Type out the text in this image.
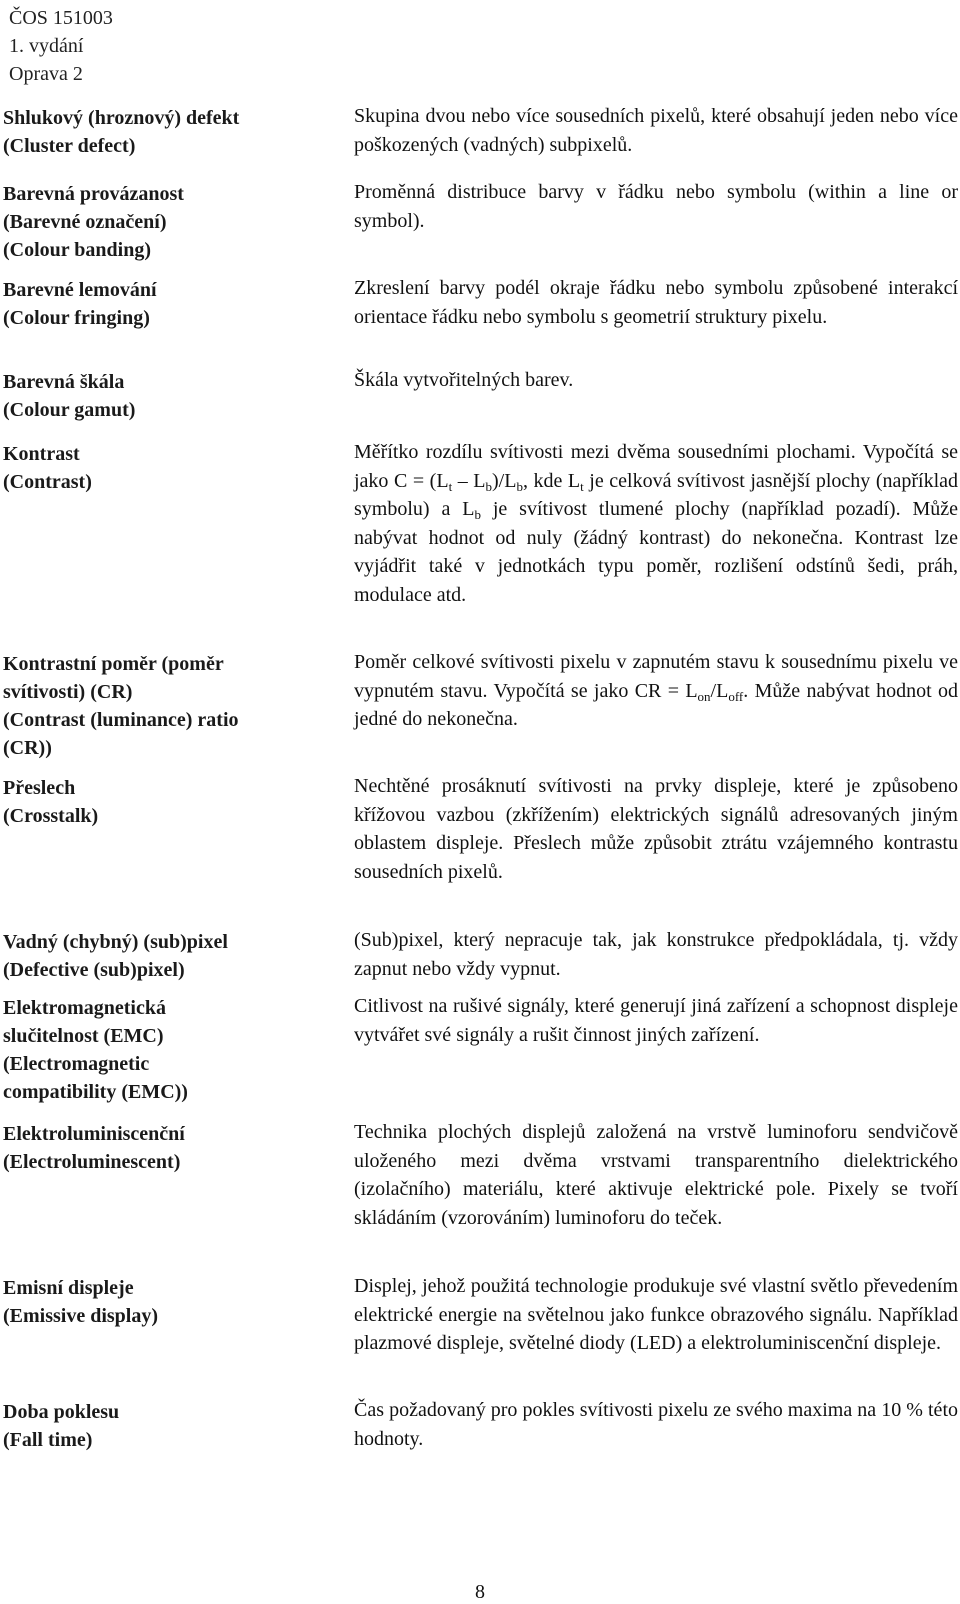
ČOS 151003
1. vydání
Oprava 2
Shlukový (hroznový) defekt
(Cluster defect)
Skupina dvou nebo více sousedních pixelů, které obsahují jeden nebo více poškozených (vadných) subpixelů.
Barevná provázanost
(Barevné označení)
(Colour banding)
Proměnná distribuce barvy v řádku nebo symbolu (within a line or symbol).
Barevné lemování
(Colour fringing)
Zkreslení barvy podél okraje řádku nebo symbolu způsobené interakcí orientace řádku nebo symbolu s geometrií struktury pixelu.
Barevná škála
(Colour gamut)
Škála vytvořitelných barev.
Kontrast
(Contrast)
Měřítko rozdílu svítivosti mezi dvěma sousedními plochami. Vypočítá se jako $C = (L_t - L_b)/L_b$, kde $L_t$ je celková svítivost jasnější plochy (například symbolu) a $L_b$ je svítivost tlumené plochy (například pozadí). Může nabývat hodnot od nuly (žádný kontrast) do nekonečna. Kontrast lze vyjádřit také v jednotkách typu poměr, rozlišení odstínů šedi, práh, modulace atd.
Kontrastní poměr (poměr
svítivosti) (CR)
(Contrast (luminance) ratio
(CR))
Poměr celkové svítivosti pixelu v zapnutém stavu k sousednímu pixelu ve vypnutém stavu. Vypočítá se jako CR = $L_{on}/L_{off}$. Může nabývat hodnot od jedné do nekonečna.
Přeslech
(Crosstalk)
Nechtěné prosáknutí svítivosti na prvky displeje, které je způsobeno křížovou vazbou (zkřížením) elektrických signálů adresovaných jiným oblastem displeje. Přeslech může způsobit ztrátu vzájemného kontrastu sousedních pixelů.
Vadný (chybný) (sub)pixel
(Defective (sub)pixel)
(Sub)pixel, který nepracuje tak, jak konstrukce předpokládala, tj. vždy zapnut nebo vždy vypnut.
Elektromagnetická
slučitelnost (EMC)
(Electromagnetic
compatibility (EMC))
Citlivost na rušivé signály, které generují jiná zařízení a schopnost displeje vytvářet své signály a rušit činnost jiných zařízení.
Elektroluminiscenční
(Electroluminescent)
Technika plochých displejů založená na vrstvě luminoforu sendvičově uloženého mezi dvěma vrstvami transparentního dielektrického (izolačního) materiálu, které aktivuje elektrické pole. Pixely se tvoří skládáním (vzorováním) luminoforu do teček.
Emisní displeje
(Emissive display)
Displej, jehož použitá technologie produkuje své vlastní světlo převedením elektrické energie na světelnou jako funkce obrazového signálu. Například plazmové displeje, světelné diody (LED) a elektroluminiscenční displeje.
Doba poklesu
(Fall time)
Čas požadovaný pro pokles svítivosti pixelu ze svého maxima na 10 % této hodnoty.
8
